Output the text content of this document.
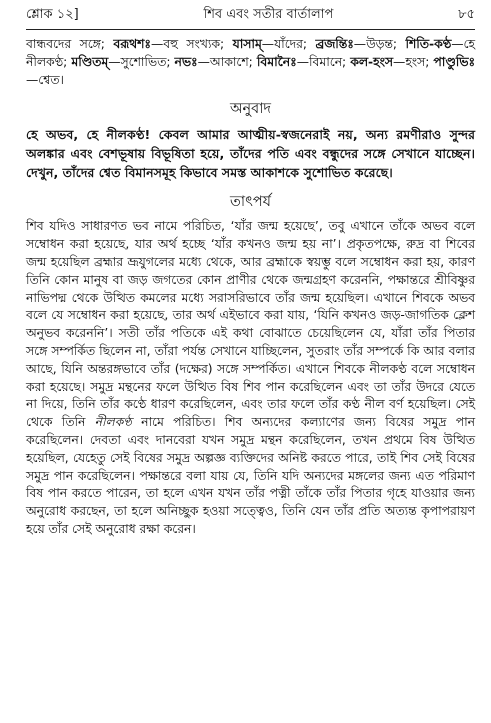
শ্লোক ১২]	শিব এবং সতীর বার্তালাপ	৮৫

বান্ধবদের সঙ্গে; বরূথশঃ—বহু সংখ্যক; যাসাম্—যাঁদের; ব্রজন্তিঃ—উড়ন্ত; শিতি-কণ্ঠ—হে নীলকণ্ঠ; মণ্ডিতম্—সুশোভিত; নভঃ—আকাশে; বিমানৈঃ—বিমানে; কল-হংস—হংস; পাণ্ডুভিঃ—শ্বেত।

অনুবাদ

হে অভব, হে নীলকণ্ঠ! কেবল আমার আত্মীয়-স্বজনেরাই নয়, অন্য রমণীরাও সুন্দর অলঙ্কার এবং বেশভূষায় বিভূষিতা হয়ে, তাঁদের পতি এবং বন্ধুদের সঙ্গে সেখানে যাচ্ছেন। দেখুন, তাঁদের শ্বেত বিমানসমূহ কিভাবে সমস্ত আকাশকে সুশোভিত করেছে।

তাৎপর্য

শিব যদিও সাধারণত ভব নামে পরিচিত, ‘যাঁর জন্ম হয়েছে’, তবু এখানে তাঁকে অভব বলে সম্বোধন করা হয়েছে, যার অর্থ হচ্ছে ‘যাঁর কখনও জন্ম হয় না’। প্রকৃতপক্ষে, রুদ্র বা শিবের জন্ম হয়েছিল ব্রহ্মার ভ্রূযুগলের মধ্যে থেকে, আর ব্রহ্মাকে স্বয়ম্ভু বলে সম্বোধন করা হয়, কারণ তিনি কোন মানুষ বা জড় জগতের কোন প্রাণীর থেকে জন্মগ্রহণ করেননি, পক্ষান্তরে শ্রীবিষ্ণুর নাভিপদ্ম থেকে উত্থিত কমলের মধ্যে সরাসরিভাবে তাঁর জন্ম হয়েছিল। এখানে শিবকে অভব বলে যে সম্বোধন করা হয়েছে, তার অর্থ এইভাবে করা যায়, ‘যিনি কখনও জড়-জাগতিক ক্লেশ অনুভব করেননি’। সতী তাঁর পতিকে এই কথা বোঝাতে চেয়েছিলেন যে, যাঁরা তাঁর পিতার সঙ্গে সম্পর্কিত ছিলেন না, তাঁরা পর্যন্ত সেখানে যাচ্ছিলেন, সুতরাং তাঁর সম্পর্কে কি আর বলার আছে, যিনি অন্তরঙ্গভাবে তাঁর (দক্ষের) সঙ্গে সম্পর্কিত। এখানে শিবকে নীলকণ্ঠ বলে সম্বোধন করা হয়েছে। সমুদ্র মন্থনের ফলে উত্থিত বিষ শিব পান করেছিলেন এবং তা তাঁর উদরে যেতে না দিয়ে, তিনি তাঁর কণ্ঠে ধারণ করেছিলেন, এবং তার ফলে তাঁর কণ্ঠ নীল বর্ণ হয়েছিল। সেই থেকে তিনি নীলকণ্ঠ নামে পরিচিত। শিব অন্যদের কল্যাণের জন্য বিষের সমুদ্র পান করেছিলেন। দেবতা এবং দানবেরা যখন সমুদ্র মন্থন করেছিলেন, তখন প্রথমে বিষ উত্থিত হয়েছিল, যেহেতু সেই বিষের সমুদ্র অল্পজ্ঞ ব্যক্তিদের অনিষ্ট করতে পারে, তাই শিব সেই বিষের সমুদ্র পান করেছিলেন। পক্ষান্তরে বলা যায় যে, তিনি যদি অন্যদের মঙ্গলের জন্য এত পরিমাণ বিষ পান করতে পারেন, তা হলে এখন যখন তাঁর পত্নী তাঁকে তাঁর পিতার গৃহে যাওয়ার জন্য অনুরোধ করছেন, তা হলে অনিচ্ছুক হওয়া সত্ত্বেও, তিনি যেন তাঁর প্রতি অত্যন্ত কৃপাপরায়ণ হয়ে তাঁর সেই অনুরোধ রক্ষা করেন।
